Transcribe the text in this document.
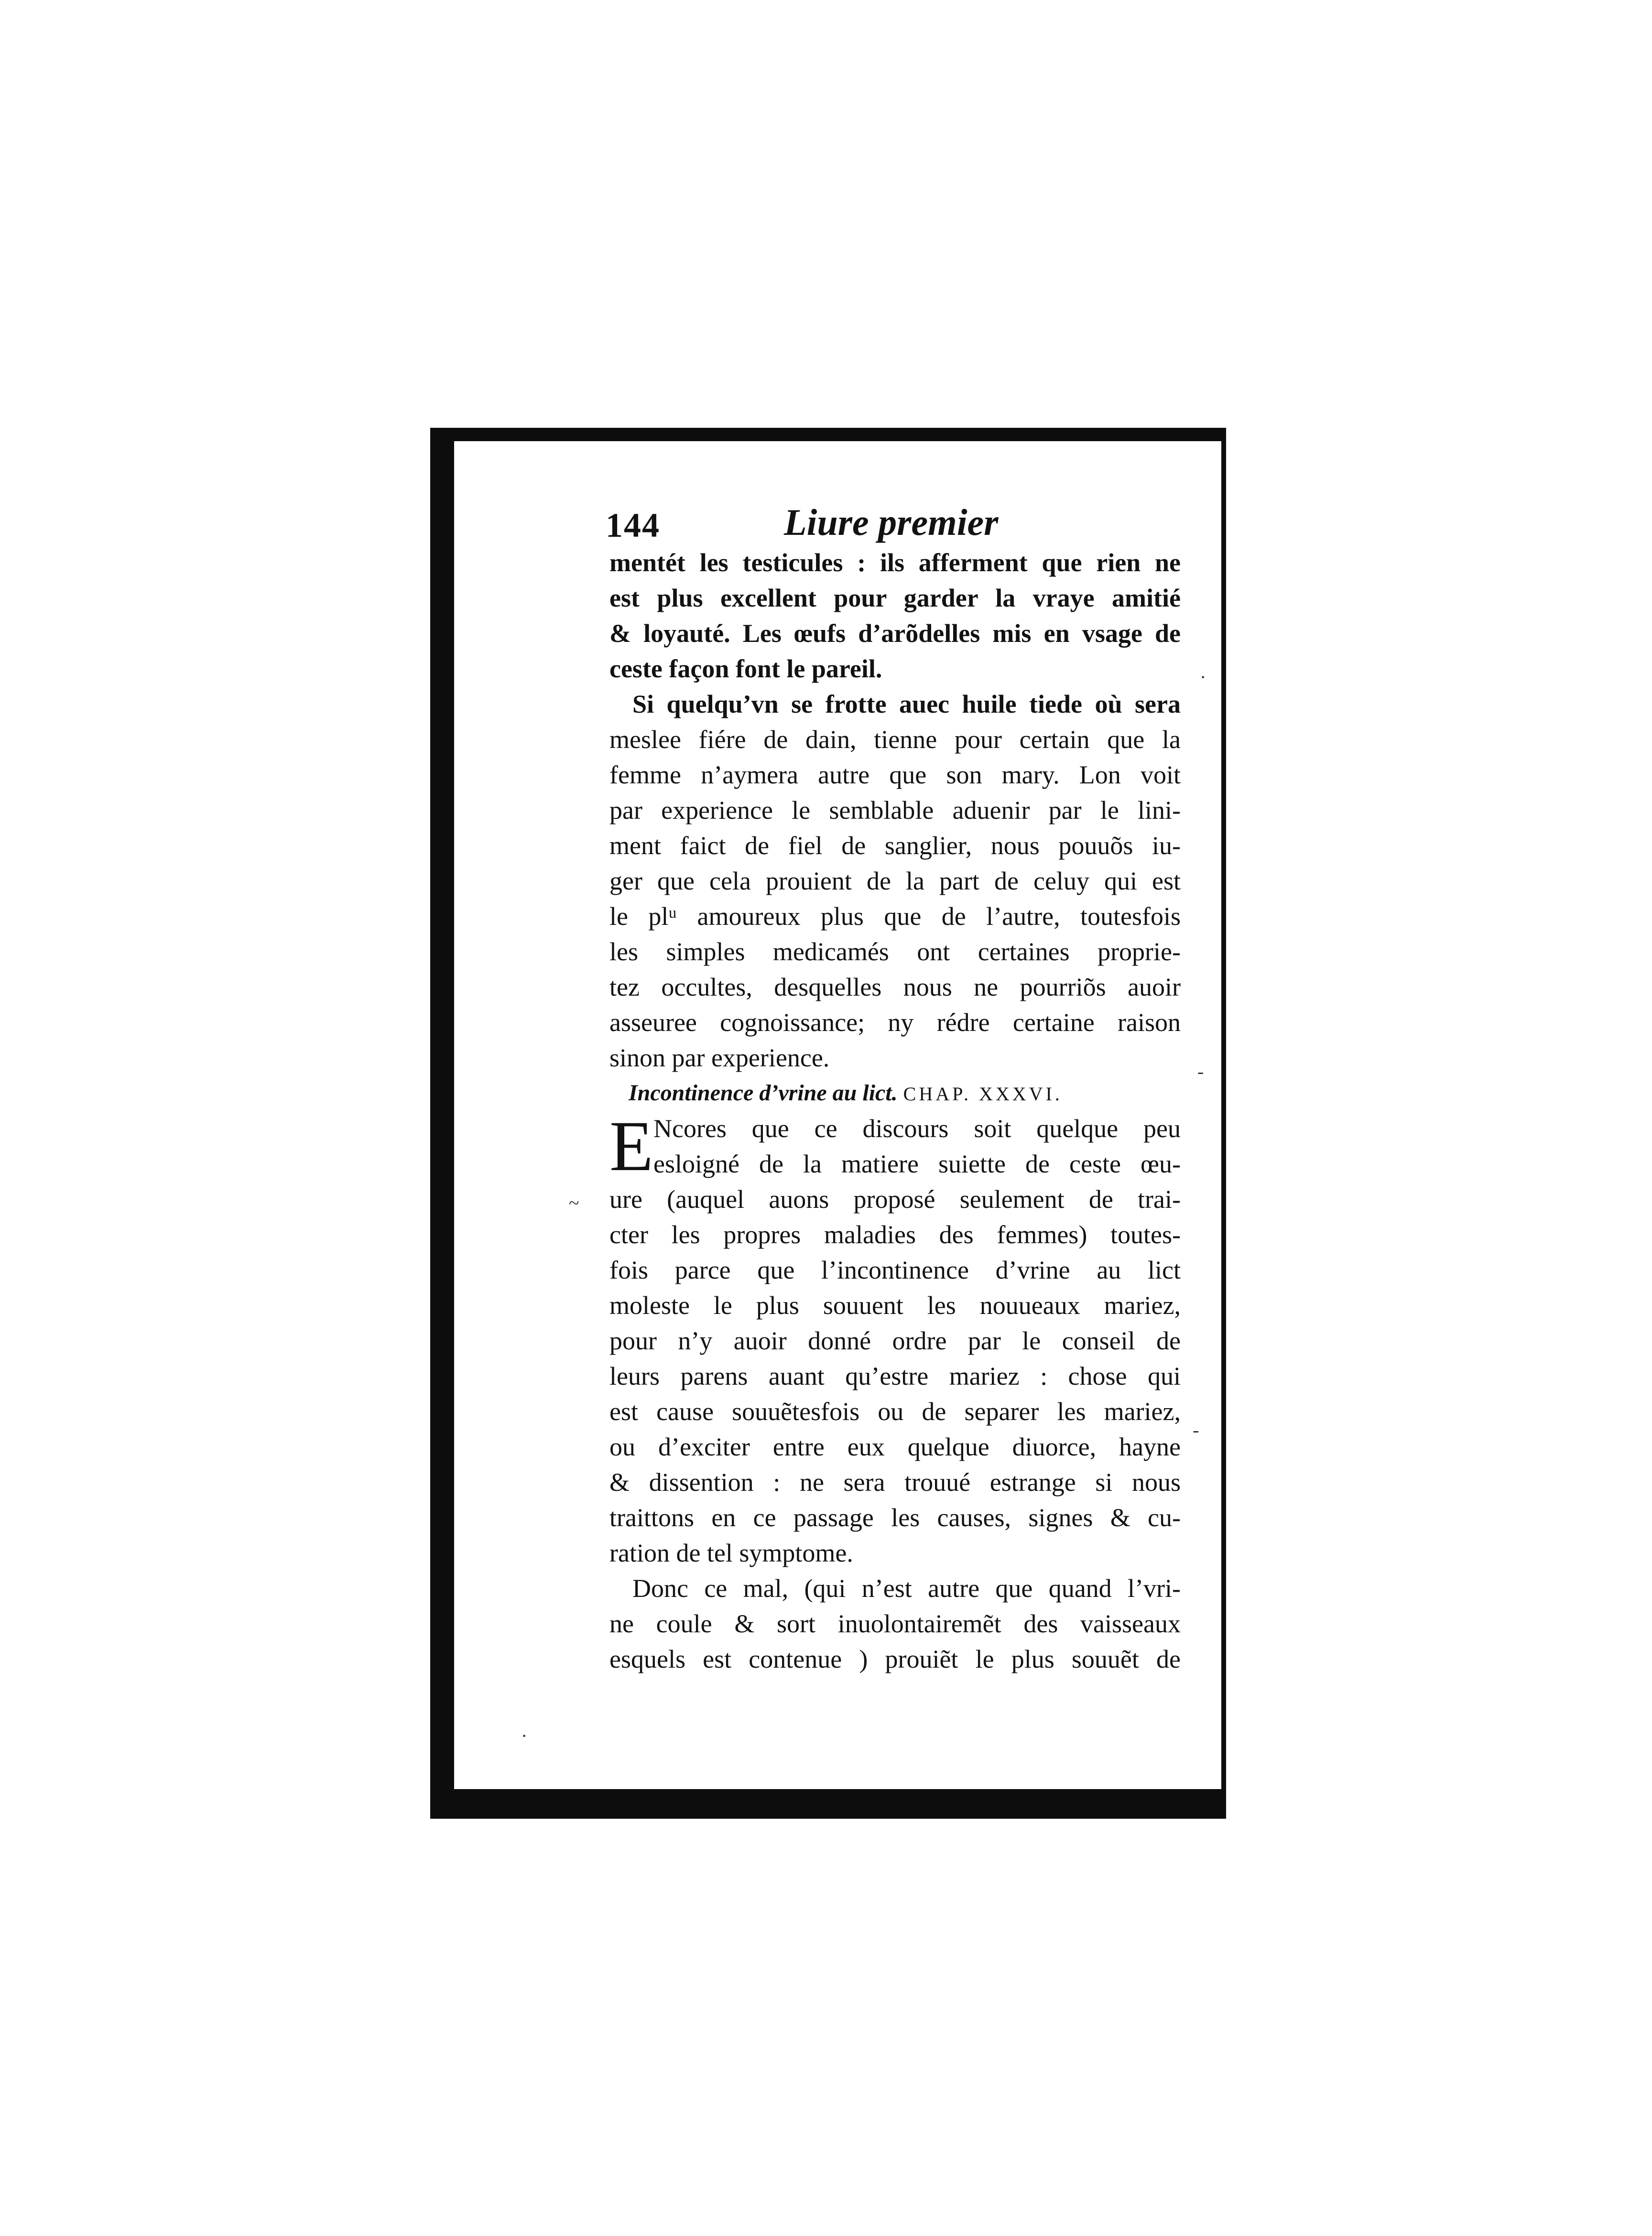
144	Liure premier
mentét les testicules : ils afferment que rien ne
est plus excellent pour garder la vraye amitié
& loyauté. Les œufs d’arõdelles mis en vsage de
ceste façon font le pareil.
Si quelqu’vn se frotte auec huile tiede où sera
meslee fiére de dain, tienne pour certain que la
femme n’aymera autre que son mary. Lon voit
par experience le semblable aduenir par le lini-
ment faict de fiel de sanglier, nous pouuõs iu-
ger que cela prouient de la part de celuy qui est
le plᵘ amoureux plus que de l’autre, toutesfois
les simples medicamés ont certaines proprie-
tez occultes, desquelles nous ne pourriõs auoir
asseuree cognoissance; ny rédre certaine raison
sinon par experience.
Incontinence d’vrine au lict. CHAP. XXXVI.
E Ncores que ce discours soit quelque peu
esloigné de la matiere suiette de ceste œu-
ure (auquel auons proposé seulement de trai-
cter les propres maladies des femmes) toutes-
fois parce que l’incontinence d’vrine au lict
moleste le plus souuent les nouueaux mariez,
pour n’y auoir donné ordre par le conseil de
leurs parens auant qu’estre mariez : chose qui
est cause souuẽtesfois ou de separer les mariez,
ou d’exciter entre eux quelque diuorce, hayne
& dissention : ne sera trouué estrange si nous
traittons en ce passage les causes, signes & cu-
ration de tel symptome.
Donc ce mal, (qui n’est autre que quand l’vri-
ne coule & sort inuolontairemẽt des vaisseaux
esquels est contenue ) prouiẽt le plus souuẽt de
~
·
-
-
·
